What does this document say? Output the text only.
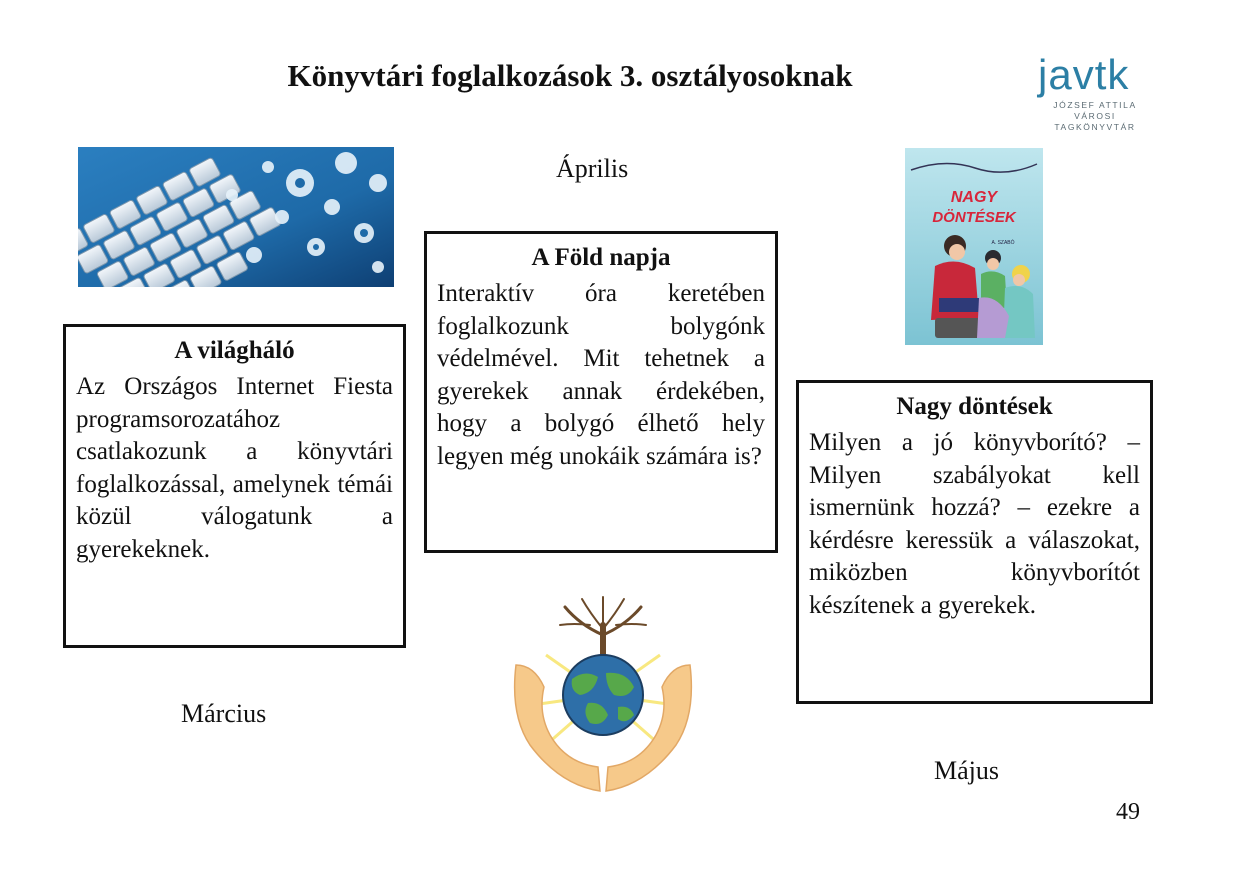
Könyvtári foglalkozások 3. osztályosoknak	javtk
JÓZSEF ATTILA VÁROSI
TAGKÖNYVTÁR
Április
Március
Május
A Föld napja

Interaktív óra keretében foglalkozunk bolygónk védelmével. Mit tehetnek a gyerekek annak érdekében, hogy a bolygó élhető hely legyen még unokáik számára is?

A világháló

Az Országos Internet Fiesta programsorozatához csatlakozunk a könyvtári foglalkozással, amelynek témái közül válogatunk a gyerekeknek.

Nagy döntések

Milyen a jó könyvborító? – Milyen szabályokat kell ismernünk hozzá? – ezekre a kérdésre keressük a válaszokat, miközben könyvborítót készítenek a gyerekek.

NAGY
DÖNTÉSEK
A. SZABÓ
49
